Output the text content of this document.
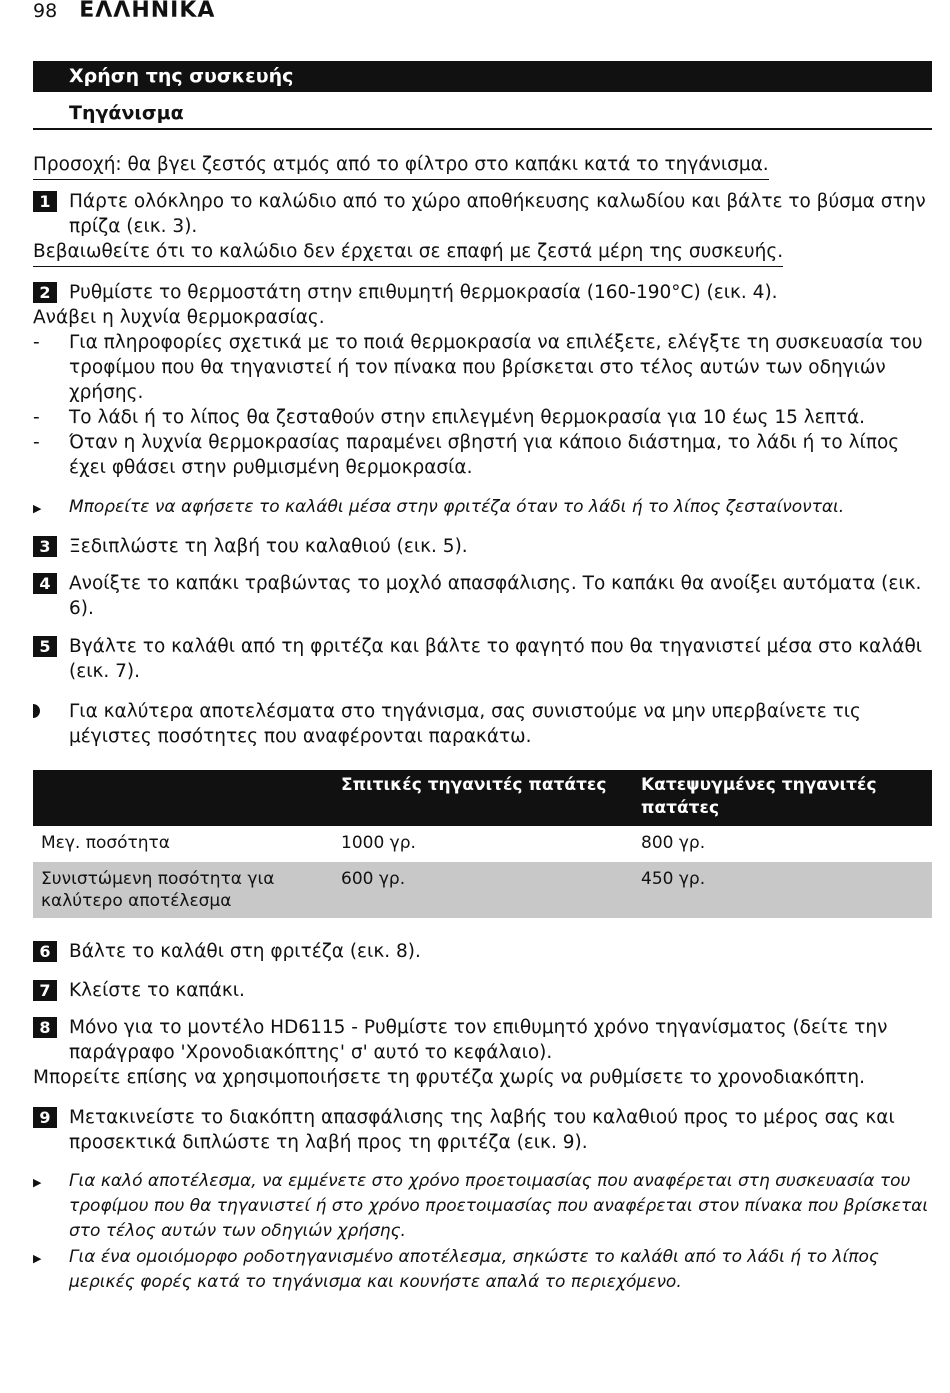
98 ΕΛΛΗΝΙΚΑ
Χρήση της συσκευής
Τηγάνισμα
Προσοχή: θα βγει ζεστός ατμός από το φίλτρο στο καπάκι κατά το τηγάνισμα.
1 Πάρτε ολόκληρο το καλώδιο από το χώρο αποθήκευσης καλωδίου και βάλτε το βύσμα στην πρίζα (εικ. 3).
Βεβαιωθείτε ότι το καλώδιο δεν έρχεται σε επαφή με ζεστά μέρη της συσκευής.
2 Ρυθμίστε το θερμοστάτη στην επιθυμητή θερμοκρασία (160-190°C) (εικ. 4).
Ανάβει η λυχνία θερμοκρασίας.
-	Για πληροφορίες σχετικά με το ποιά θερμοκρασία να επιλέξετε, ελέγξτε τη συσκευασία του τροφίμου που θα τηγανιστεί ή τον πίνακα που βρίσκεται στο τέλος αυτών των οδηγιών χρήσης.
-	Το λάδι ή το λίπος θα ζεσταθούν στην επιλεγμένη θερμοκρασία για 10 έως 15 λεπτά.
-	Όταν η λυχνία θερμοκρασίας παραμένει σβηστή για κάποιο διάστημα, το λάδι ή το λίπος έχει φθάσει στην ρυθμισμένη θερμοκρασία.
▶	Μπορείτε να αφήσετε το καλάθι μέσα στην φριτέζα όταν το λάδι ή το λίπος ζεσταίνονται.
3 Ξεδιπλώστε τη λαβή του καλαθιού (εικ. 5).
4 Ανοίξτε το καπάκι τραβώντας το μοχλό απασφάλισης. Το καπάκι θα ανοίξει αυτόματα (εικ. 6).
5 Βγάλτε το καλάθι από τη φριτέζα και βάλτε το φαγητό που θα τηγανιστεί μέσα στο καλάθι (εικ. 7).
Για καλύτερα αποτελέσματα στο τηγάνισμα, σας συνιστούμε να μην υπερβαίνετε τις μέγιστες ποσότητες που αναφέρονται παρακάτω.
	Σπιτικές τηγανιτές πατάτες	Κατεψυγμένες τηγανιτές πατάτες
Μεγ. ποσότητα	1000 γρ.	800 γρ.
Συνιστώμενη ποσότητα για καλύτερο αποτέλεσμα	600 γρ.	450 γρ.
6 Βάλτε το καλάθι στη φριτέζα (εικ. 8).
7 Κλείστε το καπάκι.
8 Μόνο για το μοντέλο HD6115 - Ρυθμίστε τον επιθυμητό χρόνο τηγανίσματος (δείτε την παράγραφο 'Χρονοδιακόπτης' σ' αυτό το κεφάλαιο).
Μπορείτε επίσης να χρησιμοποιήσετε τη φρυτέζα χωρίς να ρυθμίσετε το χρονοδιακόπτη.
9 Μετακινείστε το διακόπτη απασφάλισης της λαβής του καλαθιού προς το μέρος σας και προσεκτικά διπλώστε τη λαβή προς τη φριτέζα (εικ. 9).
▶	Για καλό αποτέλεσμα, να εμμένετε στο χρόνο προετοιμασίας που αναφέρεται στη συσκευασία του τροφίμου που θα τηγανιστεί ή στο χρόνο προετοιμασίας που αναφέρεται στον πίνακα που βρίσκεται στο τέλος αυτών των οδηγιών χρήσης.
▶	Για ένα ομοιόμορφο ροδοτηγανισμένο αποτέλεσμα, σηκώστε το καλάθι από το λάδι ή το λίπος μερικές φορές κατά το τηγάνισμα και κουνήστε απαλά το περιεχόμενο.
